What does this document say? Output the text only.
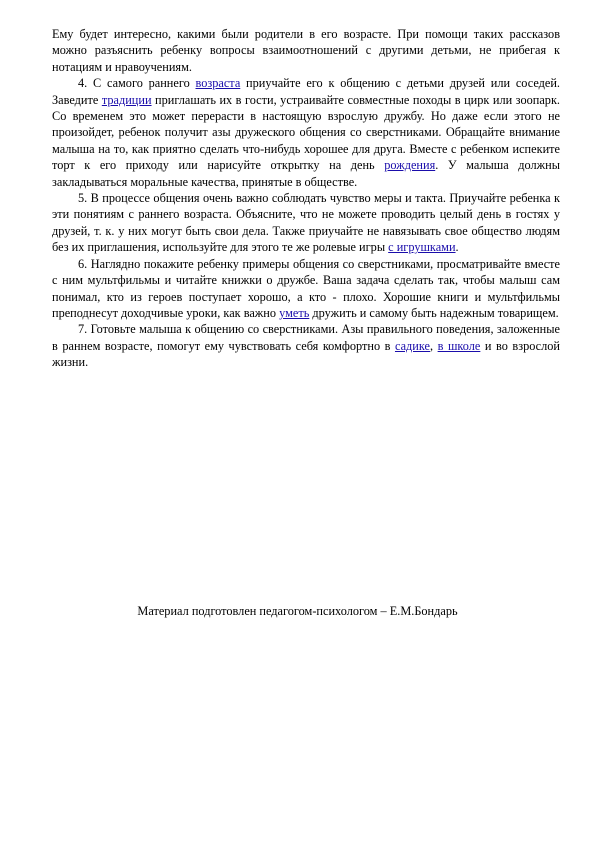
Ему будет интересно, какими были родители в его возрасте. При помощи таких рассказов можно разъяснить ребенку вопросы взаимоотношений с другими детьми, не прибегая к нотациям и нравоучениям.

4. С самого раннего возраста приучайте его к общению с детьми друзей или соседей. Заведите традиции приглашать их в гости, устраивайте совместные походы в цирк или зоопарк. Со временем это может перерасти в настоящую взрослую дружбу. Но даже если этого не произойдет, ребенок получит азы дружеского общения со сверстниками. Обращайте внимание малыша на то, как приятно сделать что-нибудь хорошее для друга. Вместе с ребенком испеките торт к его приходу или нарисуйте открытку на день рождения. У малыша должны закладываться моральные качества, принятые в обществе.

5. В процессе общения очень важно соблюдать чувство меры и такта. Приучайте ребенка к эти понятиям с раннего возраста. Объясните, что не можете проводить целый день в гостях у друзей, т. к. у них могут быть свои дела. Также приучайте не навязывать свое общество людям без их приглашения, используйте для этого те же ролевые игры с игрушками.

6. Наглядно покажите ребенку примеры общения со сверстниками, просматривайте вместе с ним мультфильмы и читайте книжки о дружбе. Ваша задача сделать так, чтобы малыш сам понимал, кто из героев поступает хорошо, а кто - плохо. Хорошие книги и мультфильмы преподнесут доходчивые уроки, как важно уметь дружить и самому быть надежным товарищем.

7. Готовьте малыша к общению со сверстниками. Азы правильного поведения, заложенные в раннем возрасте, помогут ему чувствовать себя комфортно в садике, в школе и во взрослой жизни.

Материал подготовлен педагогом-психологом – Е.М.Бондарь
